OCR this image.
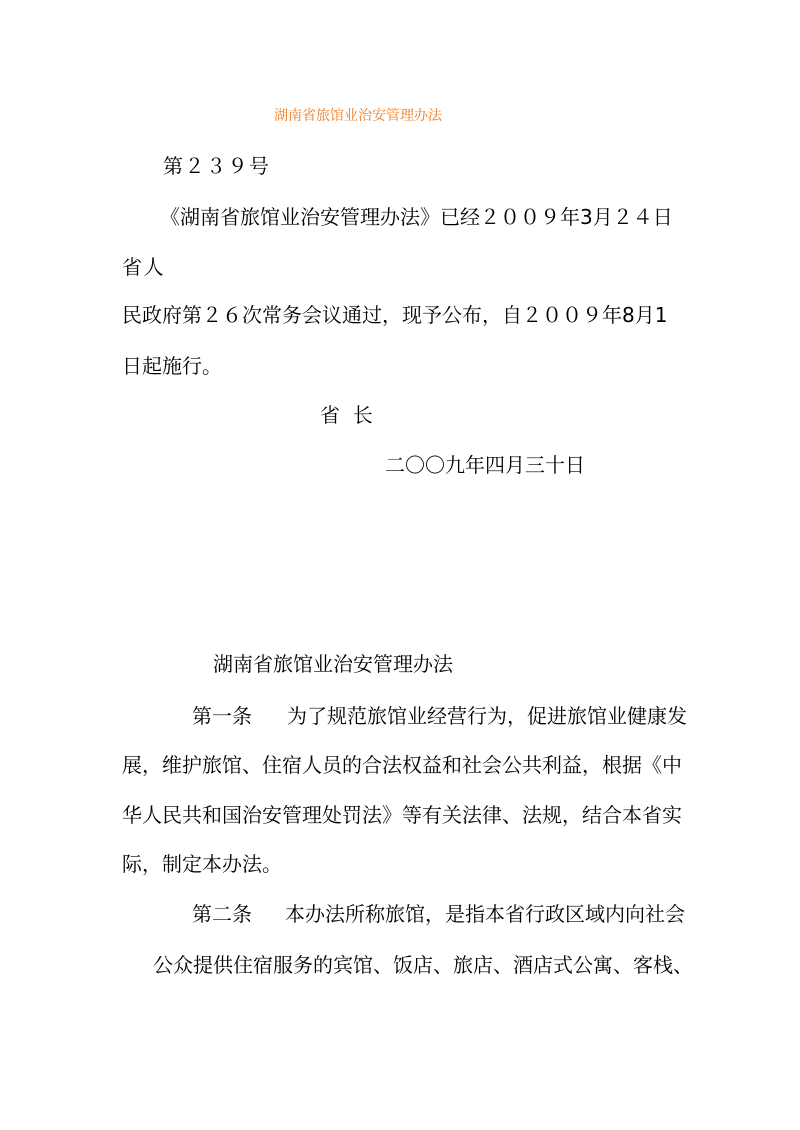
湖南省旅馆业治安管理办法
第２３９号
《湖南省旅馆业治安管理办法》已经２００９年3月２４日
省人
民政府第２６次常务会议通过，现予公布，自２００９年8月1
日起施行。
省  长
二〇〇九年四月三十日
湖南省旅馆业治安管理办法
第一条 为了规范旅馆业经营行为，促进旅馆业健康发
展，维护旅馆、住宿人员的合法权益和社会公共利益，根据《中
华人民共和国治安管理处罚法》等有关法律、法规，结合本省实
际，制定本办法。
第二条 本办法所称旅馆，是指本省行政区域内向社会
公众提供住宿服务的宾馆、饭店、旅店、酒店式公寓、客栈、
